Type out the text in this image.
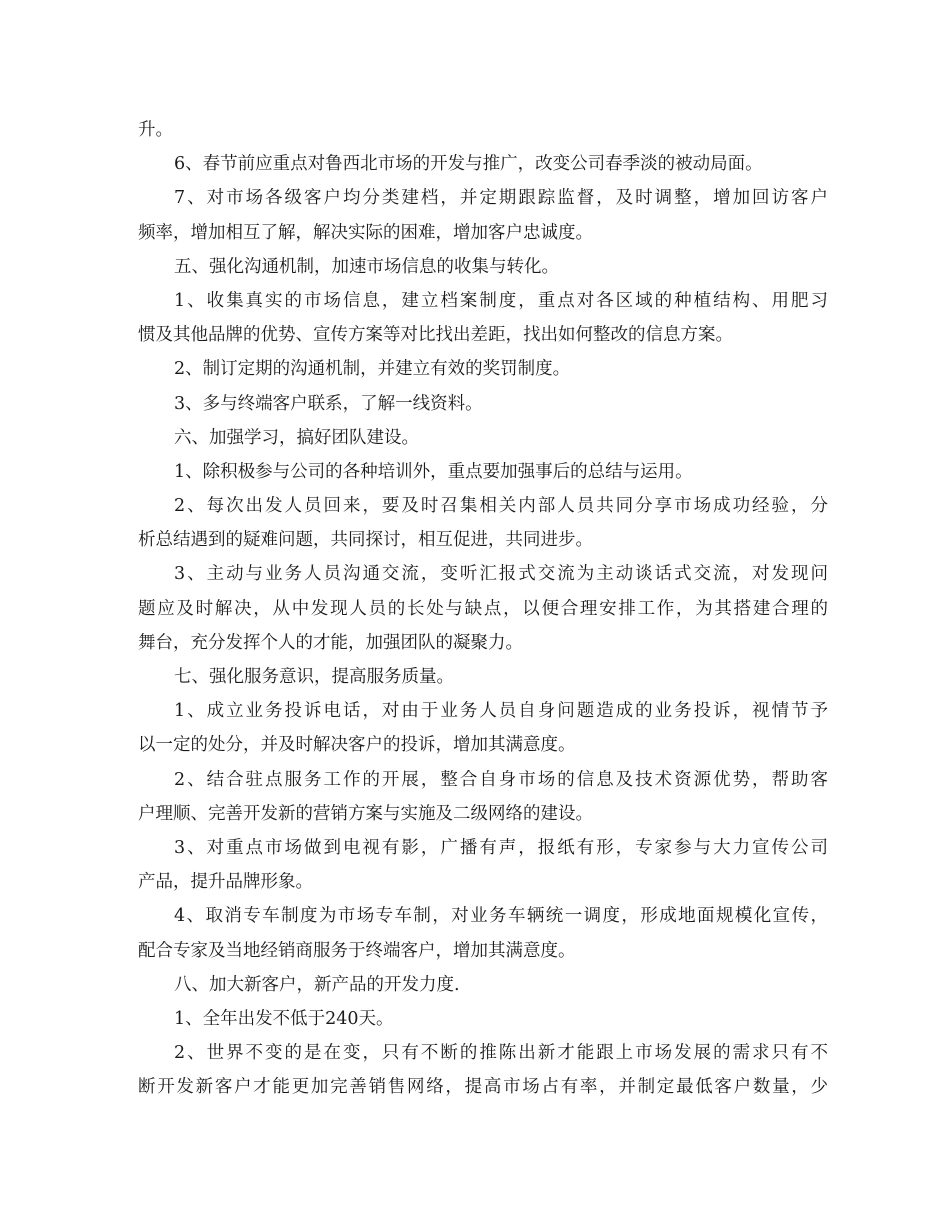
升。
6、春节前应重点对鲁西北市场的开发与推广，改变公司春季淡的被动局面。
7、对市场各级客户均分类建档，并定期跟踪监督，及时调整，增加回访客户
频率，增加相互了解，解决实际的困难，增加客户忠诚度。
五、强化沟通机制，加速市场信息的收集与转化。
1、收集真实的市场信息，建立档案制度，重点对各区域的种植结构、用肥习
惯及其他品牌的优势、宣传方案等对比找出差距，找出如何整改的信息方案。
2、制订定期的沟通机制，并建立有效的奖罚制度。
3、多与终端客户联系，了解一线资料。
六、加强学习，搞好团队建设。
1、除积极参与公司的各种培训外，重点要加强事后的总结与运用。
2、每次出发人员回来，要及时召集相关内部人员共同分享市场成功经验，分
析总结遇到的疑难问题，共同探讨，相互促进，共同进步。
3、主动与业务人员沟通交流，变听汇报式交流为主动谈话式交流，对发现问
题应及时解决，从中发现人员的长处与缺点，以便合理安排工作，为其搭建合理的
舞台，充分发挥个人的才能，加强团队的凝聚力。
七、强化服务意识，提高服务质量。
1、成立业务投诉电话，对由于业务人员自身问题造成的业务投诉，视情节予
以一定的处分，并及时解决客户的投诉，增加其满意度。
2、结合驻点服务工作的开展，整合自身市场的信息及技术资源优势，帮助客
户理顺、完善开发新的营销方案与实施及二级网络的建设。
3、对重点市场做到电视有影，广播有声，报纸有形，专家参与大力宣传公司
产品，提升品牌形象。
4、取消专车制度为市场专车制，对业务车辆统一调度，形成地面规模化宣传，
配合专家及当地经销商服务于终端客户，增加其满意度。
八、加大新客户，新产品的开发力度.
1、全年出发不低于240天。
2、世界不变的是在变，只有不断的推陈出新才能跟上市场发展的需求只有不
断开发新客户才能更加完善销售网络，提高市场占有率，并制定最低客户数量，少
